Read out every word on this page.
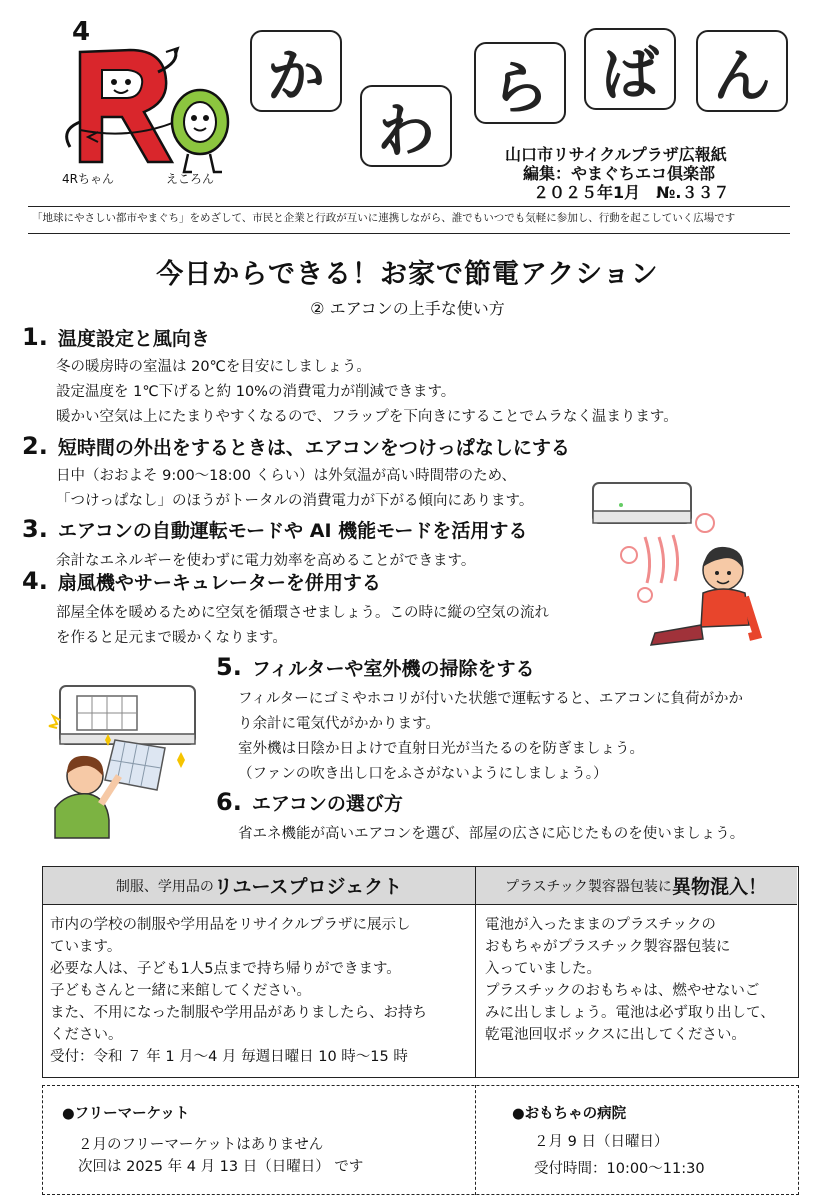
4
4Rちゃん	えころん
か
わ
ら ば ん
山口市リサイクルプラザ広報紙
編集：やまぐちエコ倶楽部
２０２５年1月　№.３３７
「地球にやさしい都市やまぐち」をめざして、市民と企業と行政が互いに連携しながら、誰でもいつでも気軽に参加し、行動を起こしていく広場です
今日からできる！お家で節電アクション
② エアコンの上手な使い方
1. 温度設定と風向き
冬の暖房時の室温は 20℃を目安にしましょう。
設定温度を 1℃下げると約 10%の消費電力が削減できます。
暖かい空気は上にたまりやすくなるので、フラップを下向きにすることでムラなく温まります。
2. 短時間の外出をするときは、エアコンをつけっぱなしにする
日中（おおよそ 9:00～18:00 くらい）は外気温が高い時間帯のため、
「つけっぱなし」のほうがトータルの消費電力が下がる傾向にあります。
3. エアコンの自動運転モードや AI 機能モードを活用する
余計なエネルギーを使わずに電力効率を高めることができます。
4. 扇風機やサーキュレーターを併用する
部屋全体を暖めるために空気を循環させましょう。この時に縦の空気の流れ
を作ると足元まで暖かくなります。
5. フィルターや室外機の掃除をする
フィルターにゴミやホコリが付いた状態で運転すると、エアコンに負荷がかか
り余計に電気代がかかります。
室外機は日陰か日よけで直射日光が当たるのを防ぎましょう。
（ファンの吹き出し口をふさがないようにしましょう。）
6. エアコンの選び方
省エネ機能が高いエアコンを選び、部屋の広さに応じたものを使いましょう。
制服、学用品の リユースプロジェクト	プラスチック製容器包装に 異物混入！
市内の学校の制服や学用品をリサイクルプラザに展示し
ています。
必要な人は、子ども1人5点まで持ち帰りができます。
子どもさんと一緒に来館してください。
また、不用になった制服や学用品がありましたら、お持ち
ください。
受付：令和 ７ 年 1 月～4 月 毎週日曜日 10 時～15 時
電池が入ったままのプラスチックの
おもちゃがプラスチック製容器包装に
入っていました。
プラスチックのおもちゃは、燃やせないご
みに出しましょう。電池は必ず取り出して、
乾電池回収ボックスに出してください。
●フリーマーケット
２月のフリーマーケットはありません
次回は 2025 年 4 月 13 日（日曜日） です
●おもちゃの病院
２月 9 日（日曜日）
受付時間：10:00～11:30
